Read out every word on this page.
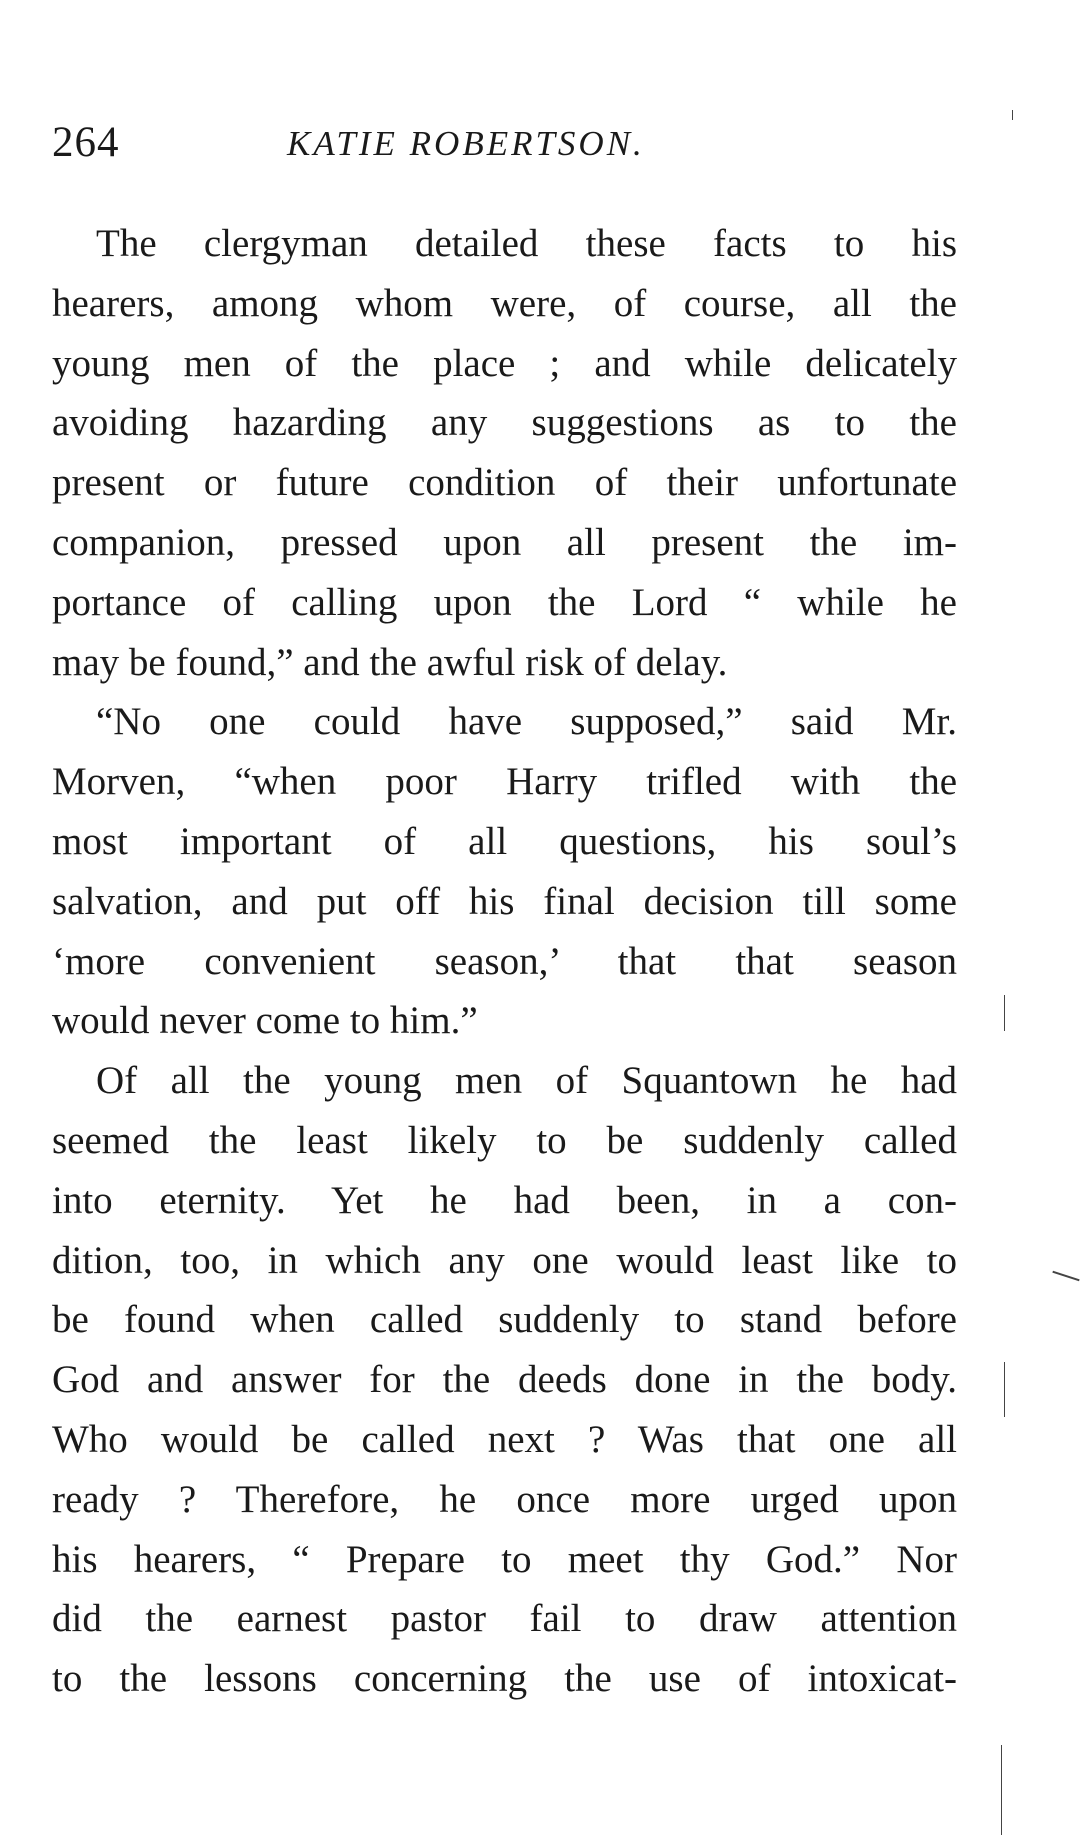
264	KATIE ROBERTSON.
The clergyman detailed these facts to his
hearers, among whom were, of course, all the
young men of the place ; and while delicately
avoiding hazarding any suggestions as to the
present or future condition of their unfortunate
companion, pressed upon all present the im-
portance of calling upon the Lord “ while he
may be found,” and the awful risk of delay.
“No one could have supposed,” said Mr.
Morven, “when poor Harry trifled with the
most important of all questions, his soul’s
salvation, and put off his final decision till some
‘more convenient season,’ that that season
would never come to him.”
Of all the young men of Squantown he had
seemed the least likely to be suddenly called
into eternity. Yet he had been, in a con-
dition, too, in which any one would least like to
be found when called suddenly to stand before
God and answer for the deeds done in the body.
Who would be called next ? Was that one all
ready ? Therefore, he once more urged upon
his hearers, “ Prepare to meet thy God.” Nor
did the earnest pastor fail to draw attention
to the lessons concerning the use of intoxicat-
